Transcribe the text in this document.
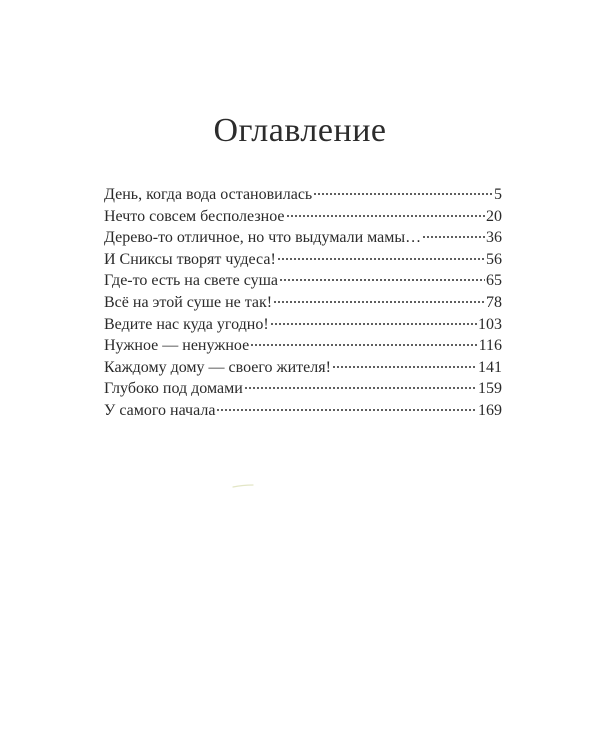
Оглавление
День, когда вода остановилась	5
Нечто совсем бесполезное	20
Дерево-то отличное, но что выдумали мамы…	36
И Сниксы творят чудеса!	56
Где-то есть на свете суша	65
Всё на этой суше не так!	78
Ведите нас куда угодно!	103
Нужное — ненужное	116
Каждому дому — своего жителя!	141
Глубоко под домами	159
У самого начала	169
